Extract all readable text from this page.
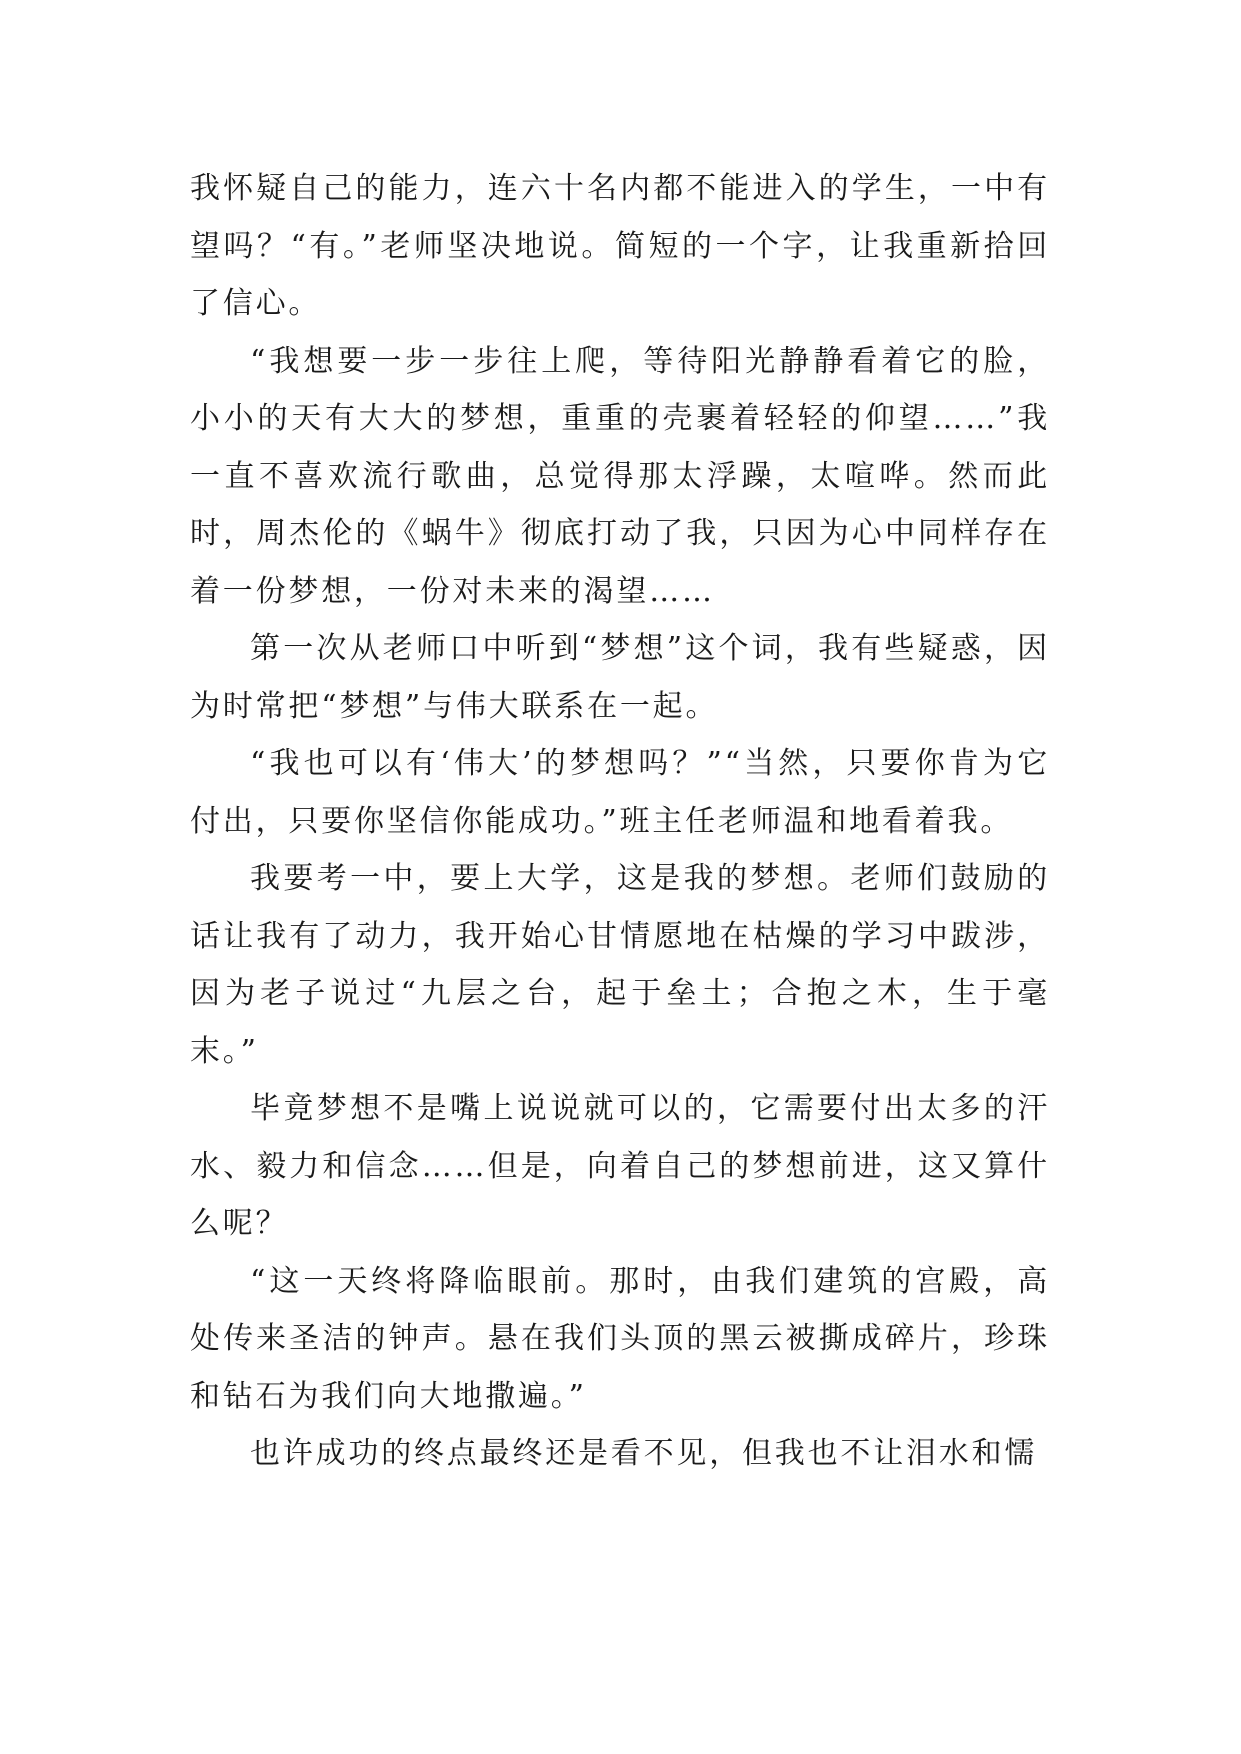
我怀疑自己的能力，连六十名内都不能进入的学生，一中有望吗？“有。”老师坚决地说。简短的一个字，让我重新拾回了信心。

“我想要一步一步往上爬，等待阳光静静看着它的脸，小小的天有大大的梦想，重重的壳裹着轻轻的仰望……”我一直不喜欢流行歌曲，总觉得那太浮躁，太喧哗。然而此时，周杰伦的《蜗牛》彻底打动了我，只因为心中同样存在着一份梦想，一份对未来的渴望……

第一次从老师口中听到“梦想”这个词，我有些疑惑，因为时常把“梦想”与伟大联系在一起。

“我也可以有‘伟大’的梦想吗？”“当然，只要你肯为它付出，只要你坚信你能成功。”班主任老师温和地看着我。

我要考一中，要上大学，这是我的梦想。老师们鼓励的话让我有了动力，我开始心甘情愿地在枯燥的学习中跋涉，因为老子说过“九层之台，起于垒土；合抱之木，生于毫末。”

毕竟梦想不是嘴上说说就可以的，它需要付出太多的汗水、毅力和信念……但是，向着自己的梦想前进，这又算什么呢？

“这一天终将降临眼前。那时，由我们建筑的宫殿，高处传来圣洁的钟声。悬在我们头顶的黑云被撕成碎片，珍珠和钻石为我们向大地撒遍。”

也许成功的终点最终还是看不见，但我也不让泪水和懦
